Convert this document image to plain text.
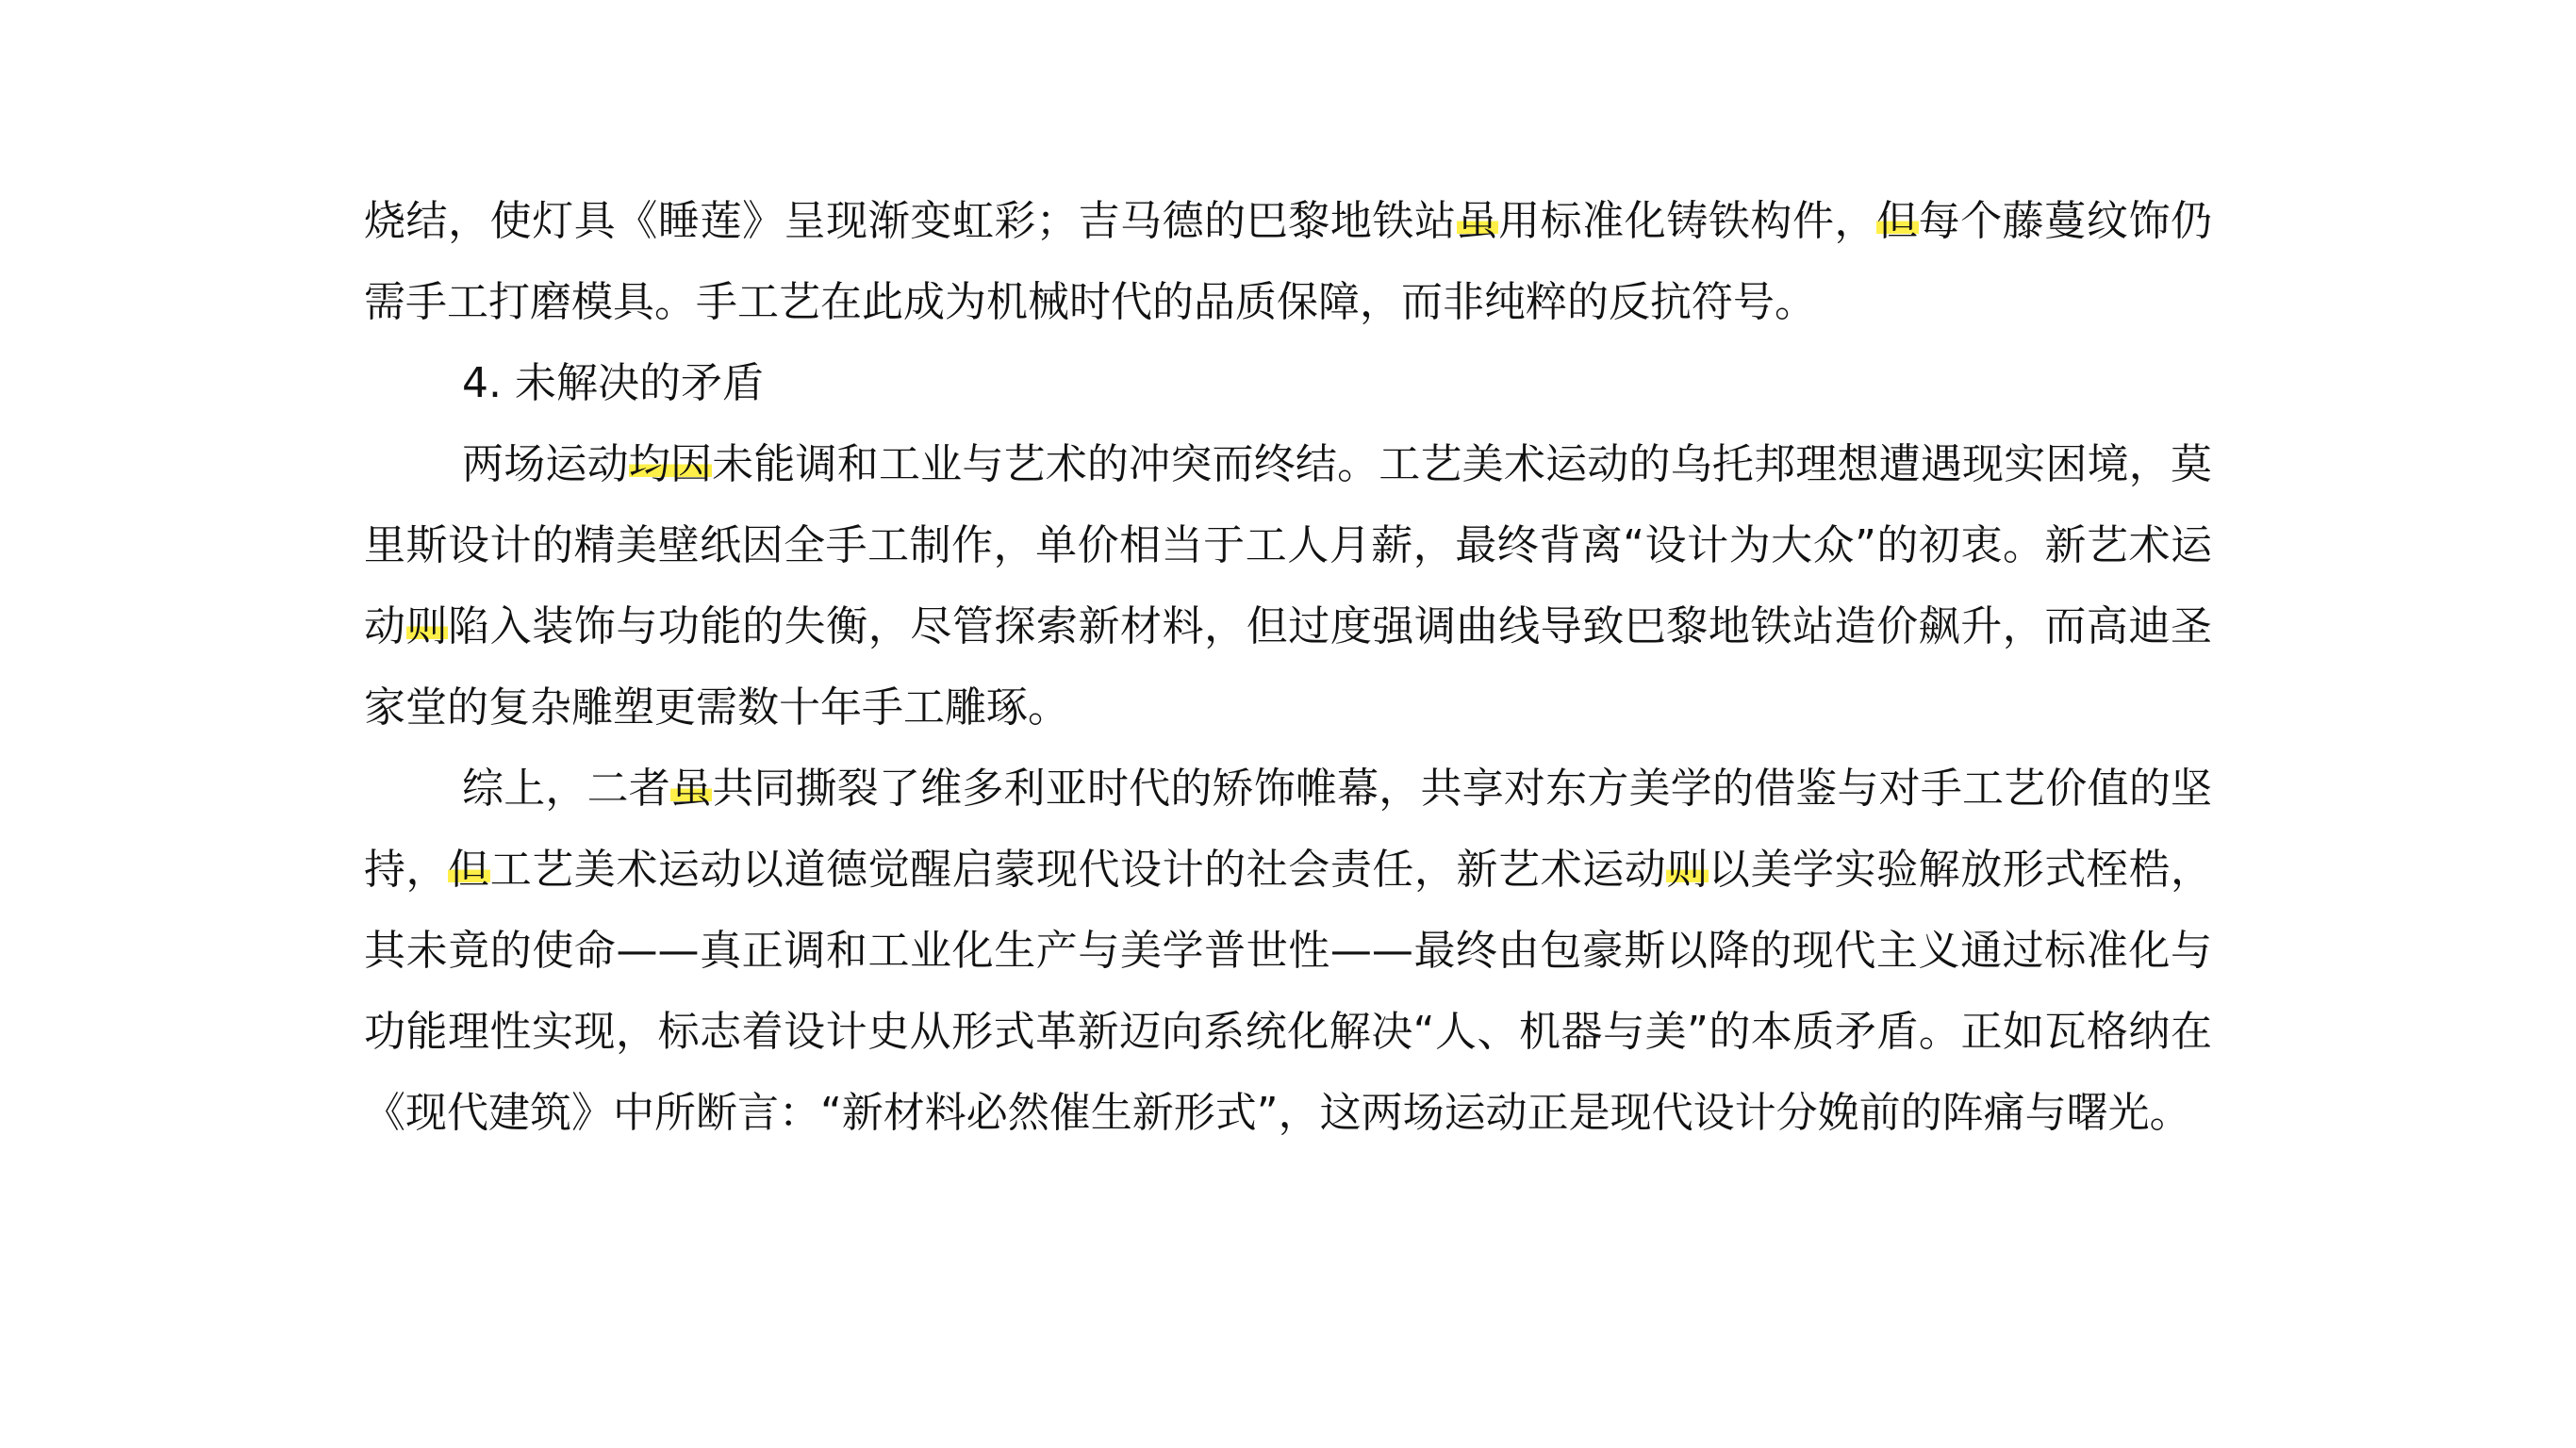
烧结，使灯具《睡莲》呈现渐变虹彩；吉马德的巴黎地铁站虽用标准化铸铁构件，但每个藤蔓纹饰仍需手工打磨模具。手工艺在此成为机械时代的品质保障，而非纯粹的反抗符号。

4. 未解决的矛盾

两场运动均因未能调和工业与艺术的冲突而终结。工艺美术运动的乌托邦理想遭遇现实困境，莫里斯设计的精美壁纸因全手工制作，单价相当于工人月薪，最终背离“设计为大众”的初衷。新艺术运动则陷入装饰与功能的失衡，尽管探索新材料，但过度强调曲线导致巴黎地铁站造价飙升，而高迪圣家堂的复杂雕塑更需数十年手工雕琢。

综上，二者虽共同撕裂了维多利亚时代的矫饰帷幕，共享对东方美学的借鉴与对手工艺价值的坚持，但工艺美术运动以道德觉醒启蒙现代设计的社会责任，新艺术运动则以美学实验解放形式桎梏，其未竟的使命——真正调和工业化生产与美学普世性——最终由包豪斯以降的现代主义通过标准化与功能理性实现，标志着设计史从形式革新迈向系统化解决“人、机器与美”的本质矛盾。正如瓦格纳在《现代建筑》中所断言：“新材料必然催生新形式”，这两场运动正是现代设计分娩前的阵痛与曙光。
